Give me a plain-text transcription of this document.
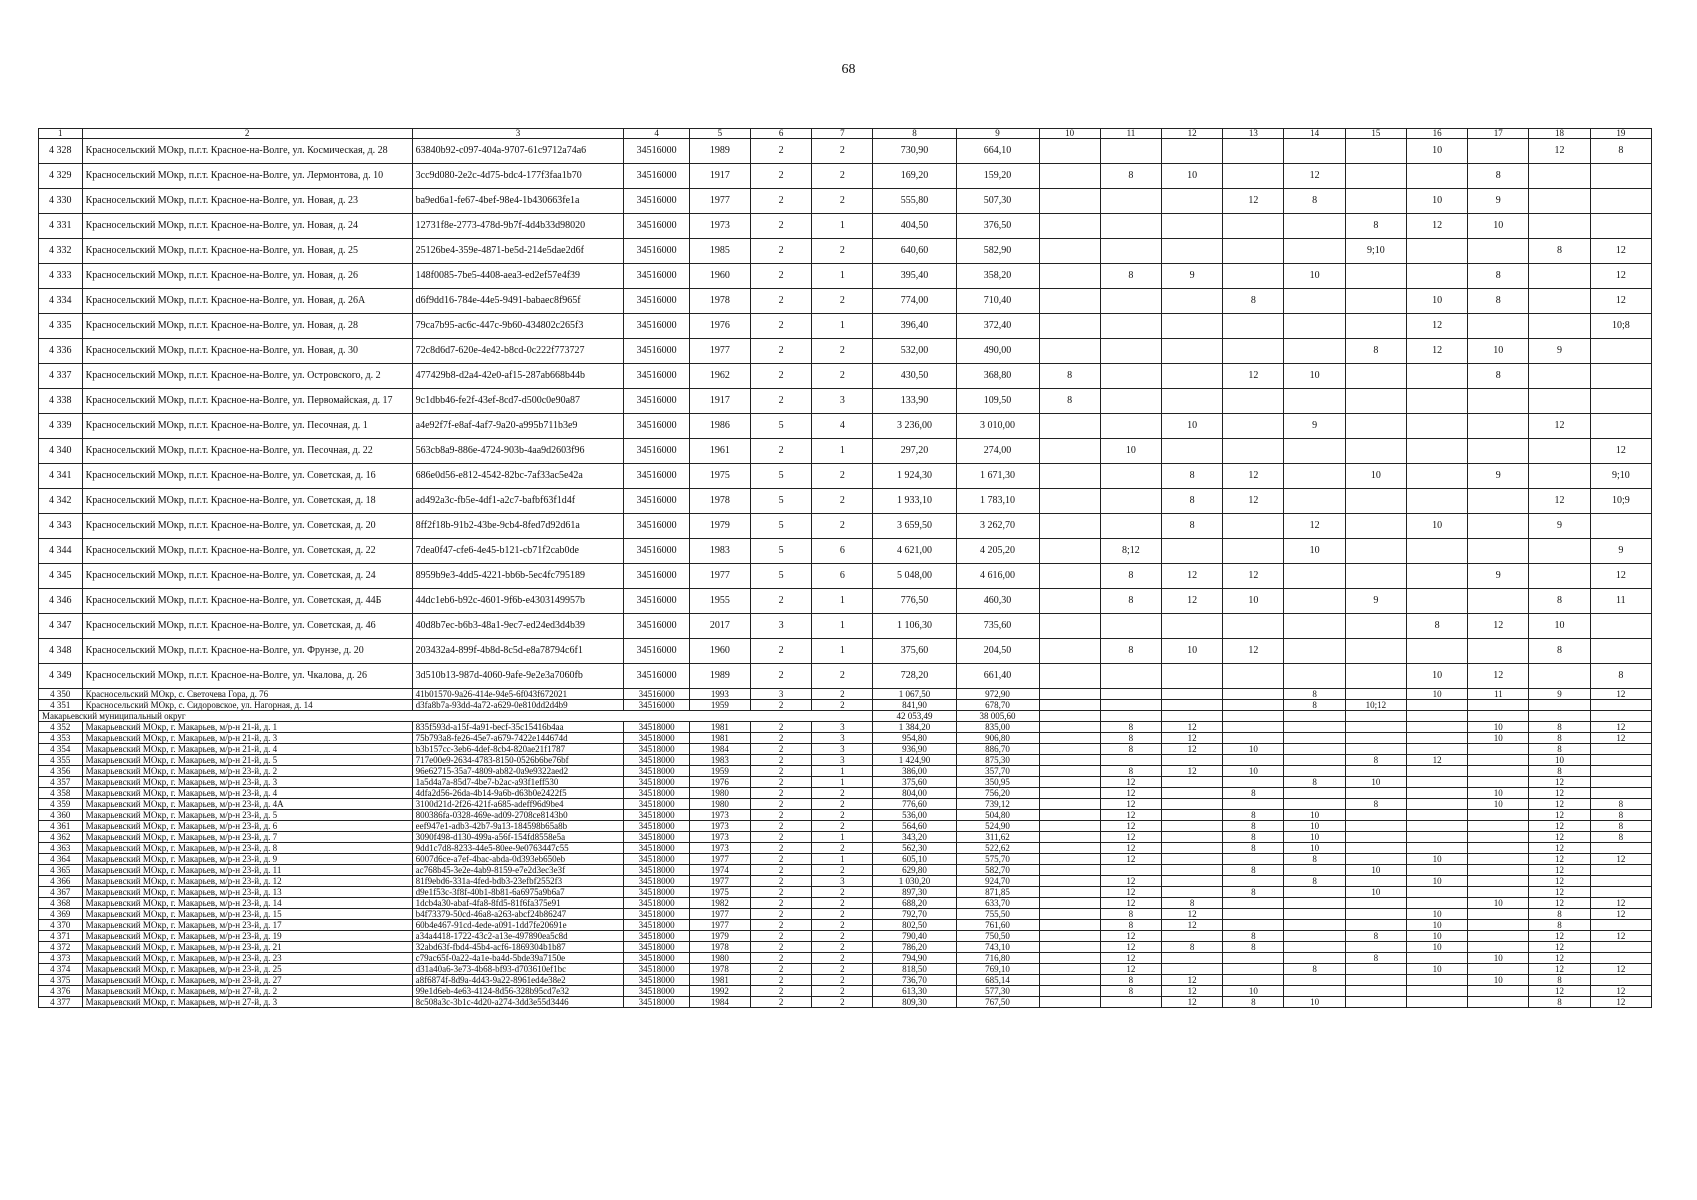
68
1	2	3	4	5	6	7	8	9	10	11	12	13	14	15	16	17	18	19
4 328	Красносельский МОкр, п.г.т. Красное-на-Волге, ул. Космическая, д. 28	63840b92-c097-404a-9707-61c9712a74a6	34516000	1989	2	2	730,90	664,10							10		12	8
4 329	Красносельский МОкр, п.г.т. Красное-на-Волге, ул. Лермонтова, д. 10	3cc9d080-2e2c-4d75-bdc4-177f3faa1b70	34516000	1917	2	2	169,20	159,20		8	10		12			8		
4 330	Красносельский МОкр, п.г.т. Красное-на-Волге, ул. Новая, д. 23	ba9ed6a1-fe67-4bef-98e4-1b430663fe1a	34516000	1977	2	2	555,80	507,30				12	8		10	9		
4 331	Красносельский МОкр, п.г.т. Красное-на-Волге, ул. Новая, д. 24	12731f8e-2773-478d-9b7f-4d4b33d98020	34516000	1973	2	1	404,50	376,50						8	12	10		
4 332	Красносельский МОкр, п.г.т. Красное-на-Волге, ул. Новая, д. 25	25126be4-359e-4871-be5d-214e5dae2d6f	34516000	1985	2	2	640,60	582,90						9;10			8	12
4 333	Красносельский МОкр, п.г.т. Красное-на-Волге, ул. Новая, д. 26	148f0085-7be5-4408-aea3-ed2ef57e4f39	34516000	1960	2	1	395,40	358,20		8	9		10			8		12
4 334	Красносельский МОкр, п.г.т. Красное-на-Волге, ул. Новая, д. 26А	d6f9dd16-784e-44e5-9491-babaec8f965f	34516000	1978	2	2	774,00	710,40				8			10	8		12
4 335	Красносельский МОкр, п.г.т. Красное-на-Волге, ул. Новая, д. 28	79ca7b95-ac6c-447c-9b60-434802c265f3	34516000	1976	2	1	396,40	372,40							12			10;8
4 336	Красносельский МОкр, п.г.т. Красное-на-Волге, ул. Новая, д. 30	72c8d6d7-620e-4e42-b8cd-0c222f773727	34516000	1977	2	2	532,00	490,00						8	12	10	9	
4 337	Красносельский МОкр, п.г.т. Красное-на-Волге, ул. Островского, д. 2	477429b8-d2a4-42e0-af15-287ab668b44b	34516000	1962	2	2	430,50	368,80	8			12	10			8		
4 338	Красносельский МОкр, п.г.т. Красное-на-Волге, ул. Первомайская, д. 17	9c1dbb46-fe2f-43ef-8cd7-d500c0e90a87	34516000	1917	2	3	133,90	109,50	8									
4 339	Красносельский МОкр, п.г.т. Красное-на-Волге, ул. Песочная, д. 1	a4e92f7f-e8af-4af7-9a20-a995b711b3e9	34516000	1986	5	4	3 236,00	3 010,00			10		9				12	
4 340	Красносельский МОкр, п.г.т. Красное-на-Волге, ул. Песочная, д. 22	563cb8a9-886e-4724-903b-4aa9d2603f96	34516000	1961	2	1	297,20	274,00		10								12
4 341	Красносельский МОкр, п.г.т. Красное-на-Волге, ул. Советская, д. 16	686e0d56-e812-4542-82bc-7af33ac5e42a	34516000	1975	5	2	1 924,30	1 671,30			8	12		10		9		9;10
4 342	Красносельский МОкр, п.г.т. Красное-на-Волге, ул. Советская, д. 18	ad492a3c-fb5e-4df1-a2c7-bafbf63f1d4f	34516000	1978	5	2	1 933,10	1 783,10			8	12					12	10;9
4 343	Красносельский МОкр, п.г.т. Красное-на-Волге, ул. Советская, д. 20	8ff2f18b-91b2-43be-9cb4-8fed7d92d61a	34516000	1979	5	2	3 659,50	3 262,70			8		12		10		9	
4 344	Красносельский МОкр, п.г.т. Красное-на-Волге, ул. Советская, д. 22	7dea0f47-cfe6-4e45-b121-cb71f2cab0de	34516000	1983	5	6	4 621,00	4 205,20		8;12			10					9
4 345	Красносельский МОкр, п.г.т. Красное-на-Волге, ул. Советская, д. 24	8959b9e3-4dd5-4221-bb6b-5ec4fc795189	34516000	1977	5	6	5 048,00	4 616,00		8	12	12				9		12
4 346	Красносельский МОкр, п.г.т. Красное-на-Волге, ул. Советская, д. 44Б	44dc1eb6-b92c-4601-9f6b-e4303149957b	34516000	1955	2	1	776,50	460,30		8	12	10		9			8	11
4 347	Красносельский МОкр, п.г.т. Красное-на-Волге, ул. Советская, д. 46	40d8b7ec-b6b3-48a1-9ec7-ed24ed3d4b39	34516000	2017	3	1	1 106,30	735,60							8	12	10	
4 348	Красносельский МОкр, п.г.т. Красное-на-Волге, ул. Фрунзе, д. 20	203432a4-899f-4b8d-8c5d-e8a78794c6f1	34516000	1960	2	1	375,60	204,50		8	10	12					8	
4 349	Красносельский МОкр, п.г.т. Красное-на-Волге, ул. Чкалова, д. 26	3d510b13-987d-4060-9afe-9e2e3a7060fb	34516000	1989	2	2	728,20	661,40							10	12		8
4 350	Красносельский МОкр, с. Светочева Гора, д. 76	41b01570-9a26-414e-94e5-6f043f672021	34516000	1993	3	2	1 067,50	972,90					8		10	11	9	12
4 351	Красносельский МОкр, с. Сидоровское, ул. Нагорная, д. 14	d3fa8b7a-93dd-4a72-a629-0e810dd2d4b9	34516000	1959	2	2	841,90	678,70					8	10;12				
Макарьевский муниципальный округ							42 053,49	38 005,60										
4 352	Макарьевский МОкр, г. Макарьев, м/р-н 21-й, д. 1	835f593d-a15f-4a91-becf-35c15416b4aa	34518000	1981	2	3	1 384,20	835,00		8	12					10	8	12
4 353	Макарьевский МОкр, г. Макарьев, м/р-н 21-й, д. 3	75b793a8-fe26-45e7-a679-7422e144674d	34518000	1981	2	3	954,80	906,80		8	12					10	8	12
4 354	Макарьевский МОкр, г. Макарьев, м/р-н 21-й, д. 4	b3b157cc-3eb6-4def-8cb4-820ae21f1787	34518000	1984	2	3	936,90	886,70		8	12	10					8	
4 355	Макарьевский МОкр, г. Макарьев, м/р-н 21-й, д. 5	717e00e9-2634-4783-8150-0526b6be76bf	34518000	1983	2	3	1 424,90	875,30						8	12		10	
4 356	Макарьевский МОкр, г. Макарьев, м/р-н 23-й, д. 2	96e62715-35a7-4809-ab82-0a9e9322aed2	34518000	1959	2	1	386,00	357,70		8	12	10					8	
4 357	Макарьевский МОкр, г. Макарьев, м/р-н 23-й, д. 3	1a5d4a7a-85d7-4be7-b2ac-a93f1eff530	34518000	1976	2	1	375,60	350,95		12			8	10			12	
4 358	Макарьевский МОкр, г. Макарьев, м/р-н 23-й, д. 4	4dfa2d56-26da-4b14-9a6b-d63b0e2422f5	34518000	1980	2	2	804,00	756,20		12		8				10	12	
4 359	Макарьевский МОкр, г. Макарьев, м/р-н 23-й, д. 4А	3100d21d-2f26-421f-a685-adeff96d9be4	34518000	1980	2	2	776,60	739,12		12				8		10	12	8
4 360	Макарьевский МОкр, г. Макарьев, м/р-н 23-й, д. 5	800386fa-0328-469e-ad09-2708ce8143b0	34518000	1973	2	2	536,00	504,80		12		8	10				12	8
4 361	Макарьевский МОкр, г. Макарьев, м/р-н 23-й, д. 6	eef947e1-adb3-42b7-9a13-184598b65a8b	34518000	1973	2	2	564,60	524,90		12		8	10				12	8
4 362	Макарьевский МОкр, г. Макарьев, м/р-н 23-й, д. 7	3090f498-d130-499a-a56f-154fd8558e5a	34518000	1973	2	1	343,20	311,62		12		8	10				12	8
4 363	Макарьевский МОкр, г. Макарьев, м/р-н 23-й, д. 8	9dd1c7d8-8233-44e5-80ee-9e0763447c55	34518000	1973	2	2	562,30	522,62		12		8	10				12	
4 364	Макарьевский МОкр, г. Макарьев, м/р-н 23-й, д. 9	6007d6ce-a7ef-4bac-abda-0d393eb650eb	34518000	1977	2	1	605,10	575,70		12			8		10		12	12
4 365	Макарьевский МОкр, г. Макарьев, м/р-н 23-й, д. 11	ac768b45-3e2e-4ab9-8159-e7e2d3ec3e3f	34518000	1974	2	2	629,80	582,70				8		10			12	
4 366	Макарьевский МОкр, г. Макарьев, м/р-н 23-й, д. 12	81f9ebd6-331a-4fed-bdb3-23efbf2552f3	34518000	1977	2	3	1 030,20	924,70		12			8		10		12	
4 367	Макарьевский МОкр, г. Макарьев, м/р-н 23-й, д. 13	d9e1f53c-3f8f-40b1-8b81-6a6975a9b6a7	34518000	1975	2	2	897,30	871,85		12		8		10			12	
4 368	Макарьевский МОкр, г. Макарьев, м/р-н 23-й, д. 14	1dcb4a30-abaf-4fa8-8fd5-81f6fa375e91	34518000	1982	2	2	688,20	633,70		12	8					10	12	12
4 369	Макарьевский МОкр, г. Макарьев, м/р-н 23-й, д. 15	b4f73379-50cd-46a8-a263-abcf24b86247	34518000	1977	2	2	792,70	755,50		8	12				10		8	12
4 370	Макарьевский МОкр, г. Макарьев, м/р-н 23-й, д. 17	60b4e467-91cd-4ede-a091-1dd7fe20691e	34518000	1977	2	2	802,50	761,60		8	12				10		8	
4 371	Макарьевский МОкр, г. Макарьев, м/р-н 23-й, д. 19	a34a4418-1722-43c2-a13e-497890ea5c8d	34518000	1979	2	2	790,40	750,50		12		8		8	10		12	12
4 372	Макарьевский МОкр, г. Макарьев, м/р-н 23-й, д. 21	32abd63f-fbd4-45b4-acf6-1869304b1b87	34518000	1978	2	2	786,20	743,10		12	8	8			10		12	
4 373	Макарьевский МОкр, г. Макарьев, м/р-н 23-й, д. 23	c79ac65f-0a22-4a1e-ba4d-5bde39a7150e	34518000	1980	2	2	794,90	716,80		12				8		10	12	
4 374	Макарьевский МОкр, г. Макарьев, м/р-н 23-й, д. 25	d31a40a6-3e73-4b68-bf93-d703610ef1bc	34518000	1978	2	2	818,50	769,10		12			8		10		12	12
4 375	Макарьевский МОкр, г. Макарьев, м/р-н 23-й, д. 27	a8f6874f-8d9a-4d43-9a22-8961ed4e38e2	34518000	1981	2	2	736,70	685,14		8	12					10	8	
4 376	Макарьевский МОкр, г. Макарьев, м/р-н 27-й, д. 2	99e1d6eb-4e63-4124-8d56-328b95cd7e32	34518000	1992	2	2	613,30	577,30		8	12	10					12	12
4 377	Макарьевский МОкр, г. Макарьев, м/р-н 27-й, д. 3	8c508a3c-3b1c-4d20-a274-3dd3e55d3446	34518000	1984	2	2	809,30	767,50			12	8	10				8	12
